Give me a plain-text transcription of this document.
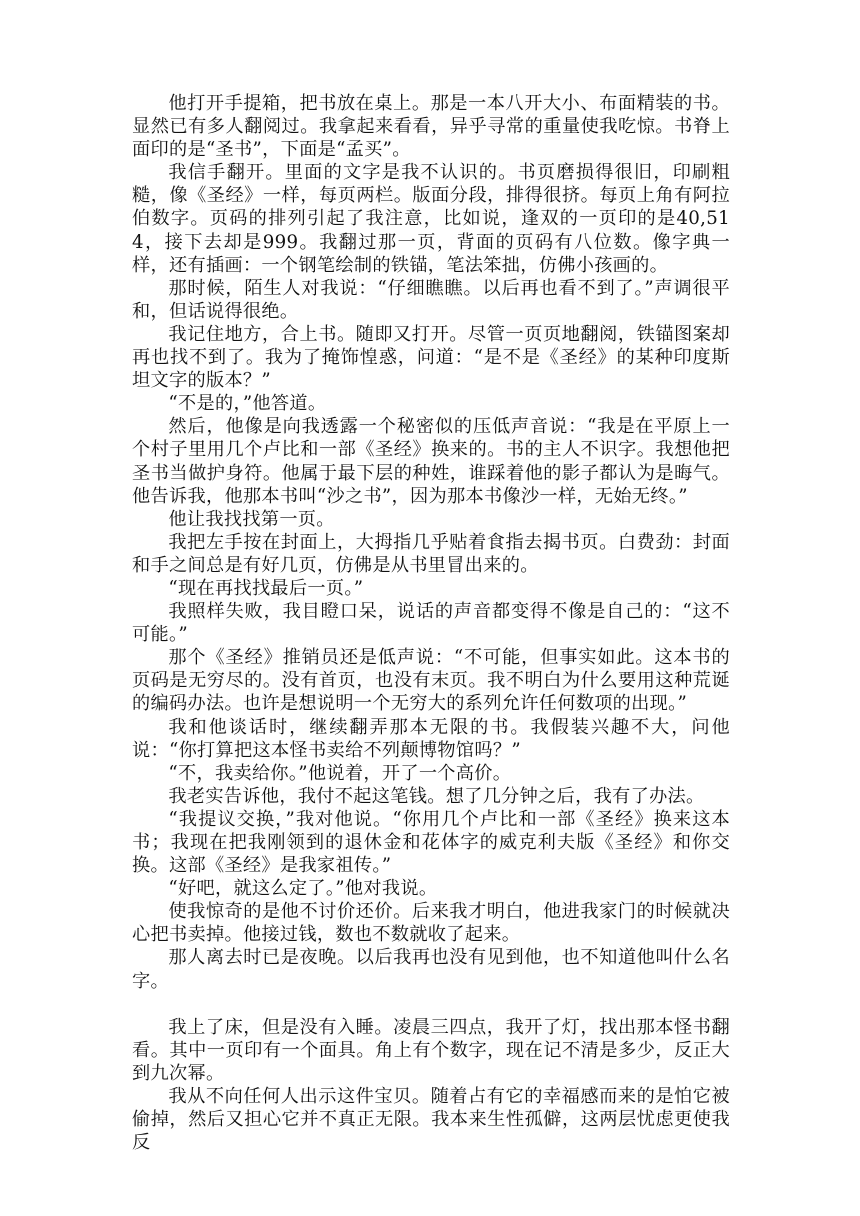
他打开手提箱，把书放在桌上。那是一本八开大小、布面精装的书。显然已有多人翻阅过。我拿起来看看，异乎寻常的重量使我吃惊。书脊上面印的是“圣书”，下面是“孟买”。

我信手翻开。里面的文字是我不认识的。书页磨损得很旧，印刷粗糙，像《圣经》一样，每页两栏。版面分段，排得很挤。每页上角有阿拉伯数字。页码的排列引起了我注意，比如说，逢双的一页印的是40,514，接下去却是999。我翻过那一页，背面的页码有八位数。像字典一样，还有插画：一个钢笔绘制的铁锚，笔法笨拙，仿佛小孩画的。

那时候，陌生人对我说：“仔细瞧瞧。以后再也看不到了。”声调很平和，但话说得很绝。

我记住地方，合上书。随即又打开。尽管一页页地翻阅，铁锚图案却再也找不到了。我为了掩饰惶惑，问道：“是不是《圣经》的某种印度斯坦文字的版本？”

“不是的，”他答道。

然后，他像是向我透露一个秘密似的压低声音说：“我是在平原上一个村子里用几个卢比和一部《圣经》换来的。书的主人不识字。我想他把圣书当做护身符。他属于最下层的种姓，谁踩着他的影子都认为是晦气。他告诉我，他那本书叫“沙之书”，因为那本书像沙一样，无始无终。”

他让我找找第一页。

我把左手按在封面上，大拇指几乎贴着食指去揭书页。白费劲：封面和手之间总是有好几页，仿佛是从书里冒出来的。

“现在再找找最后一页。”

我照样失败，我目瞪口呆，说话的声音都变得不像是自己的：“这不可能。”

那个《圣经》推销员还是低声说：“不可能，但事实如此。这本书的页码是无穷尽的。没有首页，也没有末页。我不明白为什么要用这种荒诞的编码办法。也许是想说明一个无穷大的系列允许任何数项的出现。”

我和他谈话时，继续翻弄那本无限的书。我假装兴趣不大，问他说：“你打算把这本怪书卖给不列颠博物馆吗？”

“不，我卖给你。”他说着，开了一个高价。

我老实告诉他，我付不起这笔钱。想了几分钟之后，我有了办法。

“我提议交换，”我对他说。“你用几个卢比和一部《圣经》换来这本书；我现在把我刚领到的退休金和花体字的威克利夫版《圣经》和你交换。这部《圣经》是我家祖传。”

“好吧，就这么定了。”他对我说。

使我惊奇的是他不讨价还价。后来我才明白，他进我家门的时候就决心把书卖掉。他接过钱，数也不数就收了起来。

那人离去时已是夜晚。以后我再也没有见到他，也不知道他叫什么名字。

我上了床，但是没有入睡。凌晨三四点，我开了灯，找出那本怪书翻看。其中一页印有一个面具。角上有个数字，现在记不清是多少，反正大到九次幂。

我从不向任何人出示这件宝贝。随着占有它的幸福感而来的是怕它被偷掉，然后又担心它并不真正无限。我本来生性孤僻，这两层忧虑更使我反
